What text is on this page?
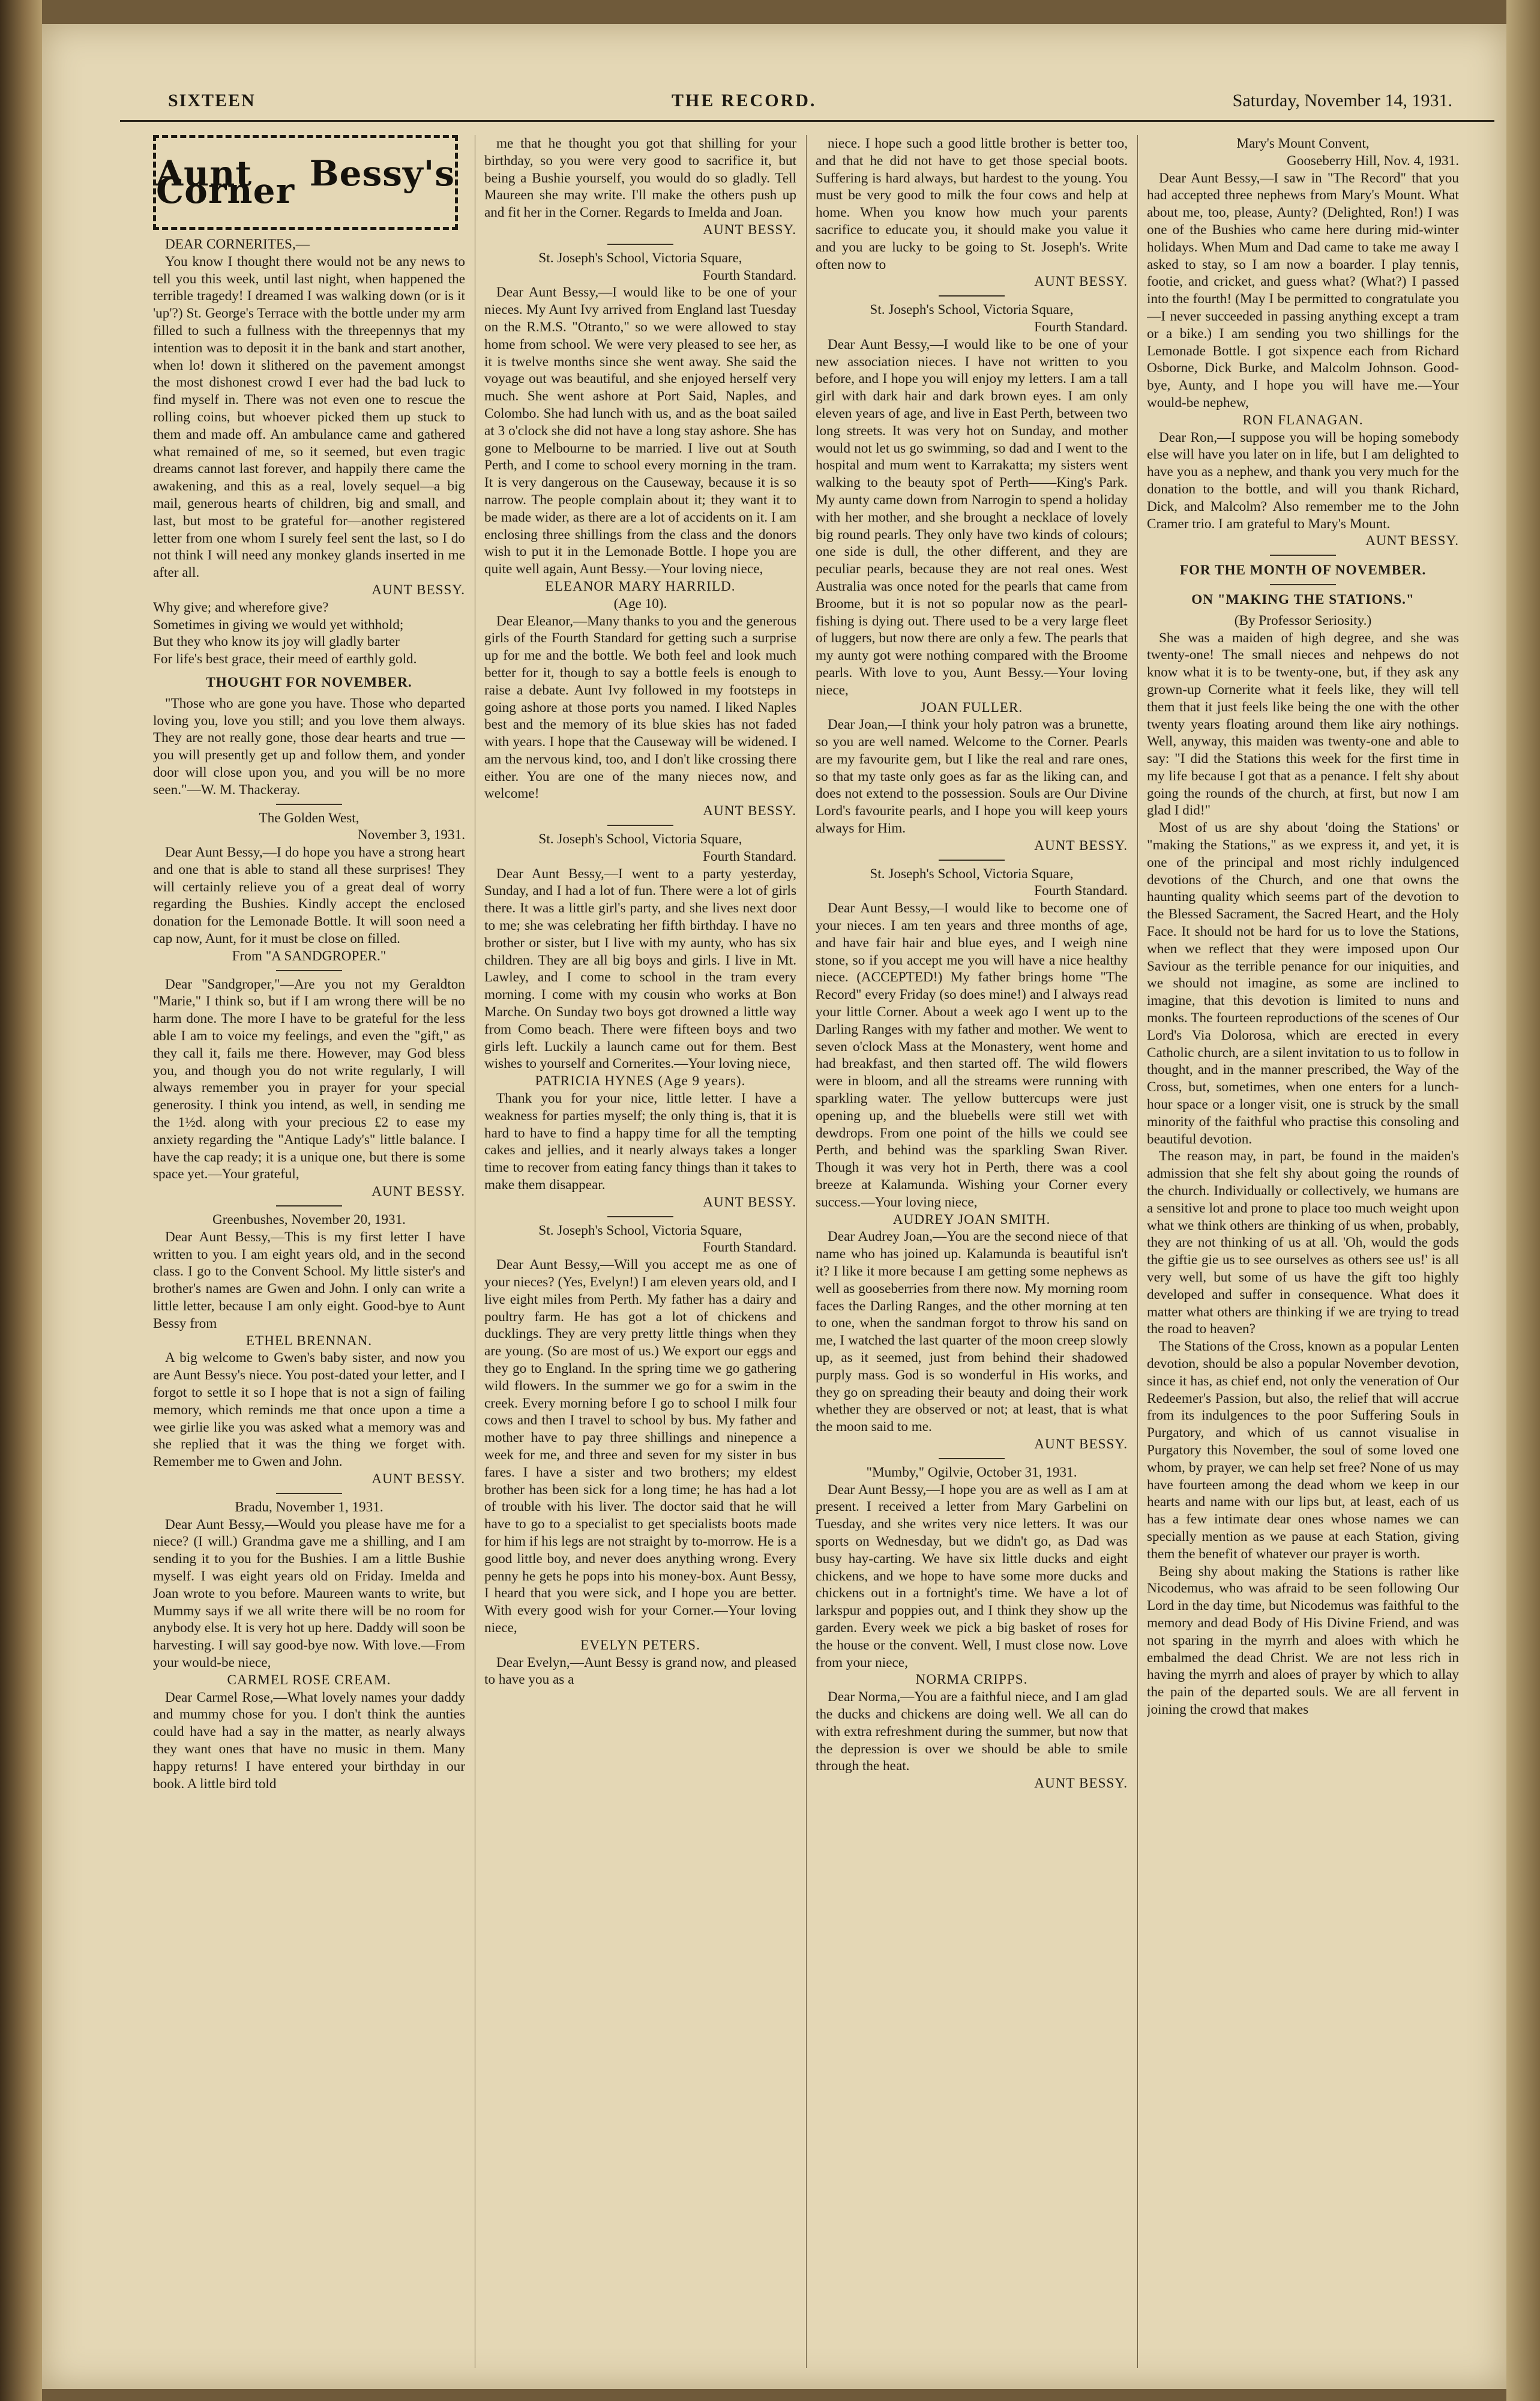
SIXTEEN	THE RECORD.	Saturday, November 14, 1931.
Aunt Bessy's Corner

DEAR CORNERITES,—

You know I thought there would not be any news to tell you this week, until last night, when happened the terrible tragedy! I dreamed I was walking down (or is it 'up'?) St. George's Terrace with the bottle under my arm filled to such a fullness with the threepennys that my intention was to deposit it in the bank and start another, when lo! down it slithered on the pavement amongst the most dishonest crowd I ever had the bad luck to find myself in. There was not even one to rescue the rolling coins, but whoever picked them up stuck to them and made off. An ambulance came and gathered what remained of me, so it seemed, but even tragic dreams cannot last forever, and happily there came the awakening, and this as a real, lovely sequel—a big mail, generous hearts of children, big and small, and last, but most to be grateful for—another registered letter from one whom I surely feel sent the last, so I do not think I will need any monkey glands inserted in me after all.

AUNT BESSY.

Why give; and wherefore give?

Sometimes in giving we would yet withhold;

But they who know its joy will gladly barter

For life's best grace, their meed of earthly gold.

THOUGHT FOR NOVEMBER.

"Those who are gone you have. Those who departed loving you, love you still; and you love them always. They are not really gone, those dear hearts and true — you will presently get up and follow them, and yonder door will close upon you, and you will be no more seen."—W. M. Thackeray.

The Golden West,

November 3, 1931.

Dear Aunt Bessy,—I do hope you have a strong heart and one that is able to stand all these surprises! They will certainly relieve you of a great deal of worry regarding the Bushies. Kindly accept the enclosed donation for the Lemonade Bottle. It will soon need a cap now, Aunt, for it must be close on filled.

From "A SANDGROPER."

Dear "Sandgroper,"—Are you not my Geraldton "Marie," I think so, but if I am wrong there will be no harm done. The more I have to be grateful for the less able I am to voice my feelings, and even the "gift," as they call it, fails me there. However, may God bless you, and though you do not write regularly, I will always remember you in prayer for your special generosity. I think you intend, as well, in sending me the 1½d. along with your precious £2 to ease my anxiety regarding the "Antique Lady's" little balance. I have the cap ready; it is a unique one, but there is some space yet.—Your grateful,

AUNT BESSY.

Greenbushes, November 20, 1931.

Dear Aunt Bessy,—This is my first letter I have written to you. I am eight years old, and in the second class. I go to the Convent School. My little sister's and brother's names are Gwen and John. I only can write a little letter, because I am only eight. Good-bye to Aunt Bessy from

ETHEL BRENNAN.

A big welcome to Gwen's baby sister, and now you are Aunt Bessy's niece. You post-dated your letter, and I forgot to settle it so I hope that is not a sign of failing memory, which reminds me that once upon a time a wee girlie like you was asked what a memory was and she replied that it was the thing we forget with. Remember me to Gwen and John.

AUNT BESSY.

Bradu, November 1, 1931.

Dear Aunt Bessy,—Would you please have me for a niece? (I will.) Grandma gave me a shilling, and I am sending it to you for the Bushies. I am a little Bushie myself. I was eight years old on Friday. Imelda and Joan wrote to you before. Maureen wants to write, but Mummy says if we all write there will be no room for anybody else. It is very hot up here. Daddy will soon be harvesting. I will say good-bye now. With love.—From your would-be niece,

CARMEL ROSE CREAM.

Dear Carmel Rose,—What lovely names your daddy and mummy chose for you. I don't think the aunties could have had a say in the matter, as nearly always they want ones that have no music in them. Many happy returns! I have entered your birthday in our book. A little bird told

me that he thought you got that shilling for your birthday, so you were very good to sacrifice it, but being a Bushie yourself, you would do so gladly. Tell Maureen she may write. I'll make the others push up and fit her in the Corner. Regards to Imelda and Joan.

AUNT BESSY.

St. Joseph's School, Victoria Square,

Fourth Standard.

Dear Aunt Bessy,—I would like to be one of your nieces. My Aunt Ivy arrived from England last Tuesday on the R.M.S. "Otranto," so we were allowed to stay home from school. We were very pleased to see her, as it is twelve months since she went away. She said the voyage out was beautiful, and she enjoyed herself very much. She went ashore at Port Said, Naples, and Colombo. She had lunch with us, and as the boat sailed at 3 o'clock she did not have a long stay ashore. She has gone to Melbourne to be married. I live out at South Perth, and I come to school every morning in the tram. It is very dangerous on the Causeway, because it is so narrow. The people complain about it; they want it to be made wider, as there are a lot of accidents on it. I am enclosing three shillings from the class and the donors wish to put it in the Lemonade Bottle. I hope you are quite well again, Aunt Bessy.—Your loving niece,

ELEANOR MARY HARRILD.

(Age 10).

Dear Eleanor,—Many thanks to you and the generous girls of the Fourth Standard for getting such a surprise up for me and the bottle. We both feel and look much better for it, though to say a bottle feels is enough to raise a debate. Aunt Ivy followed in my footsteps in going ashore at those ports you named. I liked Naples best and the memory of its blue skies has not faded with years. I hope that the Causeway will be widened. I am the nervous kind, too, and I don't like crossing there either. You are one of the many nieces now, and welcome!

AUNT BESSY.

St. Joseph's School, Victoria Square,

Fourth Standard.

Dear Aunt Bessy,—I went to a party yesterday, Sunday, and I had a lot of fun. There were a lot of girls there. It was a little girl's party, and she lives next door to me; she was celebrating her fifth birthday. I have no brother or sister, but I live with my aunty, who has six children. They are all big boys and girls. I live in Mt. Lawley, and I come to school in the tram every morning. I come with my cousin who works at Bon Marche. On Sunday two boys got drowned a little way from Como beach. There were fifteen boys and two girls left. Luckily a launch came out for them. Best wishes to yourself and Cornerites.—Your loving niece,

PATRICIA HYNES (Age 9 years).

Thank you for your nice, little letter. I have a weakness for parties myself; the only thing is, that it is hard to have to find a happy time for all the tempting cakes and jellies, and it nearly always takes a longer time to recover from eating fancy things than it takes to make them disappear.

AUNT BESSY.

St. Joseph's School, Victoria Square,

Fourth Standard.

Dear Aunt Bessy,—Will you accept me as one of your nieces? (Yes, Evelyn!) I am eleven years old, and I live eight miles from Perth. My father has a dairy and poultry farm. He has got a lot of chickens and ducklings. They are very pretty little things when they are young. (So are most of us.) We export our eggs and they go to England. In the spring time we go gathering wild flowers. In the summer we go for a swim in the creek. Every morning before I go to school I milk four cows and then I travel to school by bus. My father and mother have to pay three shillings and ninepence a week for me, and three and seven for my sister in bus fares. I have a sister and two brothers; my eldest brother has been sick for a long time; he has had a lot of trouble with his liver. The doctor said that he will have to go to a specialist to get specialists boots made for him if his legs are not straight by to-morrow. He is a good little boy, and never does anything wrong. Every penny he gets he pops into his money-box. Aunt Bessy, I heard that you were sick, and I hope you are better. With every good wish for your Corner.—Your loving niece,

EVELYN PETERS.

Dear Evelyn,—Aunt Bessy is grand now, and pleased to have you as a

niece. I hope such a good little brother is better too, and that he did not have to get those special boots. Suffering is hard always, but hardest to the young. You must be very good to milk the four cows and help at home. When you know how much your parents sacrifice to educate you, it should make you value it and you are lucky to be going to St. Joseph's. Write often now to

AUNT BESSY.

St. Joseph's School, Victoria Square,

Fourth Standard.

Dear Aunt Bessy,—I would like to be one of your new association nieces. I have not written to you before, and I hope you will enjoy my letters. I am a tall girl with dark hair and dark brown eyes. I am only eleven years of age, and live in East Perth, between two long streets. It was very hot on Sunday, and mother would not let us go swimming, so dad and I went to the hospital and mum went to Karrakatta; my sisters went walking to the beauty spot of Perth——King's Park. My aunty came down from Narrogin to spend a holiday with her mother, and she brought a necklace of lovely big round pearls. They only have two kinds of colours; one side is dull, the other different, and they are peculiar pearls, because they are not real ones. West Australia was once noted for the pearls that came from Broome, but it is not so popular now as the pearl-fishing is dying out. There used to be a very large fleet of luggers, but now there are only a few. The pearls that my aunty got were nothing compared with the Broome pearls. With love to you, Aunt Bessy.—Your loving niece,

JOAN FULLER.

Dear Joan,—I think your holy patron was a brunette, so you are well named. Welcome to the Corner. Pearls are my favourite gem, but I like the real and rare ones, so that my taste only goes as far as the liking can, and does not extend to the possession. Souls are Our Divine Lord's favourite pearls, and I hope you will keep yours always for Him.

AUNT BESSY.

St. Joseph's School, Victoria Square,

Fourth Standard.

Dear Aunt Bessy,—I would like to become one of your nieces. I am ten years and three months of age, and have fair hair and blue eyes, and I weigh nine stone, so if you accept me you will have a nice healthy niece. (ACCEPTED!) My father brings home "The Record" every Friday (so does mine!) and I always read your little Corner. About a week ago I went up to the Darling Ranges with my father and mother. We went to seven o'clock Mass at the Monastery, went home and had breakfast, and then started off. The wild flowers were in bloom, and all the streams were running with sparkling water. The yellow buttercups were just opening up, and the bluebells were still wet with dewdrops. From one point of the hills we could see Perth, and behind was the sparkling Swan River. Though it was very hot in Perth, there was a cool breeze at Kalamunda. Wishing your Corner every success.—Your loving niece,

AUDREY JOAN SMITH.

Dear Audrey Joan,—You are the second niece of that name who has joined up. Kalamunda is beautiful isn't it? I like it more because I am getting some nephews as well as gooseberries from there now. My morning room faces the Darling Ranges, and the other morning at ten to one, when the sandman forgot to throw his sand on me, I watched the last quarter of the moon creep slowly up, as it seemed, just from behind their shadowed purply mass. God is so wonderful in His works, and they go on spreading their beauty and doing their work whether they are observed or not; at least, that is what the moon said to me.

AUNT BESSY.

"Mumby," Ogilvie, October 31, 1931.

Dear Aunt Bessy,—I hope you are as well as I am at present. I received a letter from Mary Garbelini on Tuesday, and she writes very nice letters. It was our sports on Wednesday, but we didn't go, as Dad was busy hay-carting. We have six little ducks and eight chickens, and we hope to have some more ducks and chickens out in a fortnight's time. We have a lot of larkspur and poppies out, and I think they show up the garden. Every week we pick a big basket of roses for the house or the convent. Well, I must close now. Love from your niece,

NORMA CRIPPS.

Dear Norma,—You are a faithful niece, and I am glad the ducks and chickens are doing well. We all can do with extra refreshment during the summer, but now that the depression is over we should be able to smile through the heat.

AUNT BESSY.

Mary's Mount Convent,

Gooseberry Hill, Nov. 4, 1931.

Dear Aunt Bessy,—I saw in "The Record" that you had accepted three nephews from Mary's Mount. What about me, too, please, Aunty? (Delighted, Ron!) I was one of the Bushies who came here during mid-winter holidays. When Mum and Dad came to take me away I asked to stay, so I am now a boarder. I play tennis, footie, and cricket, and guess what? (What?) I passed into the fourth! (May I be permitted to congratulate you—I never succeeded in passing anything except a tram or a bike.) I am sending you two shillings for the Lemonade Bottle. I got sixpence each from Richard Osborne, Dick Burke, and Malcolm Johnson. Good-bye, Aunty, and I hope you will have me.—Your would-be nephew,

RON FLANAGAN.

Dear Ron,—I suppose you will be hoping somebody else will have you later on in life, but I am delighted to have you as a nephew, and thank you very much for the donation to the bottle, and will you thank Richard, Dick, and Malcolm? Also remember me to the John Cramer trio. I am grateful to Mary's Mount.

AUNT BESSY.

FOR THE MONTH OF NOVEMBER.

ON "MAKING THE STATIONS."

(By Professor Seriosity.)

She was a maiden of high degree, and she was twenty-one! The small nieces and nehpews do not know what it is to be twenty-one, but, if they ask any grown-up Cornerite what it feels like, they will tell them that it just feels like being the one with the other twenty years floating around them like airy nothings. Well, anyway, this maiden was twenty-one and able to say: "I did the Stations this week for the first time in my life because I got that as a penance. I felt shy about going the rounds of the church, at first, but now I am glad I did!"

Most of us are shy about 'doing the Stations' or "making the Stations," as we express it, and yet, it is one of the principal and most richly indulgenced devotions of the Church, and one that owns the haunting quality which seems part of the devotion to the Blessed Sacrament, the Sacred Heart, and the Holy Face. It should not be hard for us to love the Stations, when we reflect that they were imposed upon Our Saviour as the terrible penance for our iniquities, and we should not imagine, as some are inclined to imagine, that this devotion is limited to nuns and monks. The fourteen reproductions of the scenes of Our Lord's Via Dolorosa, which are erected in every Catholic church, are a silent invitation to us to follow in thought, and in the manner prescribed, the Way of the Cross, but, sometimes, when one enters for a lunch-hour space or a longer visit, one is struck by the small minority of the faithful who practise this consoling and beautiful devotion.

The reason may, in part, be found in the maiden's admission that she felt shy about going the rounds of the church. Individually or collectively, we humans are a sensitive lot and prone to place too much weight upon what we think others are thinking of us when, probably, they are not thinking of us at all. 'Oh, would the gods the giftie gie us to see ourselves as others see us!' is all very well, but some of us have the gift too highly developed and suffer in consequence. What does it matter what others are thinking if we are trying to tread the road to heaven?

The Stations of the Cross, known as a popular Lenten devotion, should be also a popular November devotion, since it has, as chief end, not only the veneration of Our Redeemer's Passion, but also, the relief that will accrue from its indulgences to the poor Suffering Souls in Purgatory, and which of us cannot visualise in Purgatory this November, the soul of some loved one whom, by prayer, we can help set free? None of us may have fourteen among the dead whom we keep in our hearts and name with our lips but, at least, each of us has a few intimate dear ones whose names we can specially mention as we pause at each Station, giving them the benefit of whatever our prayer is worth.

Being shy about making the Stations is rather like Nicodemus, who was afraid to be seen following Our Lord in the day time, but Nicodemus was faithful to the memory and dead Body of His Divine Friend, and was not sparing in the myrrh and aloes with which he embalmed the dead Christ. We are not less rich in having the myrrh and aloes of prayer by which to allay the pain of the departed souls. We are all fervent in joining the crowd that makes
